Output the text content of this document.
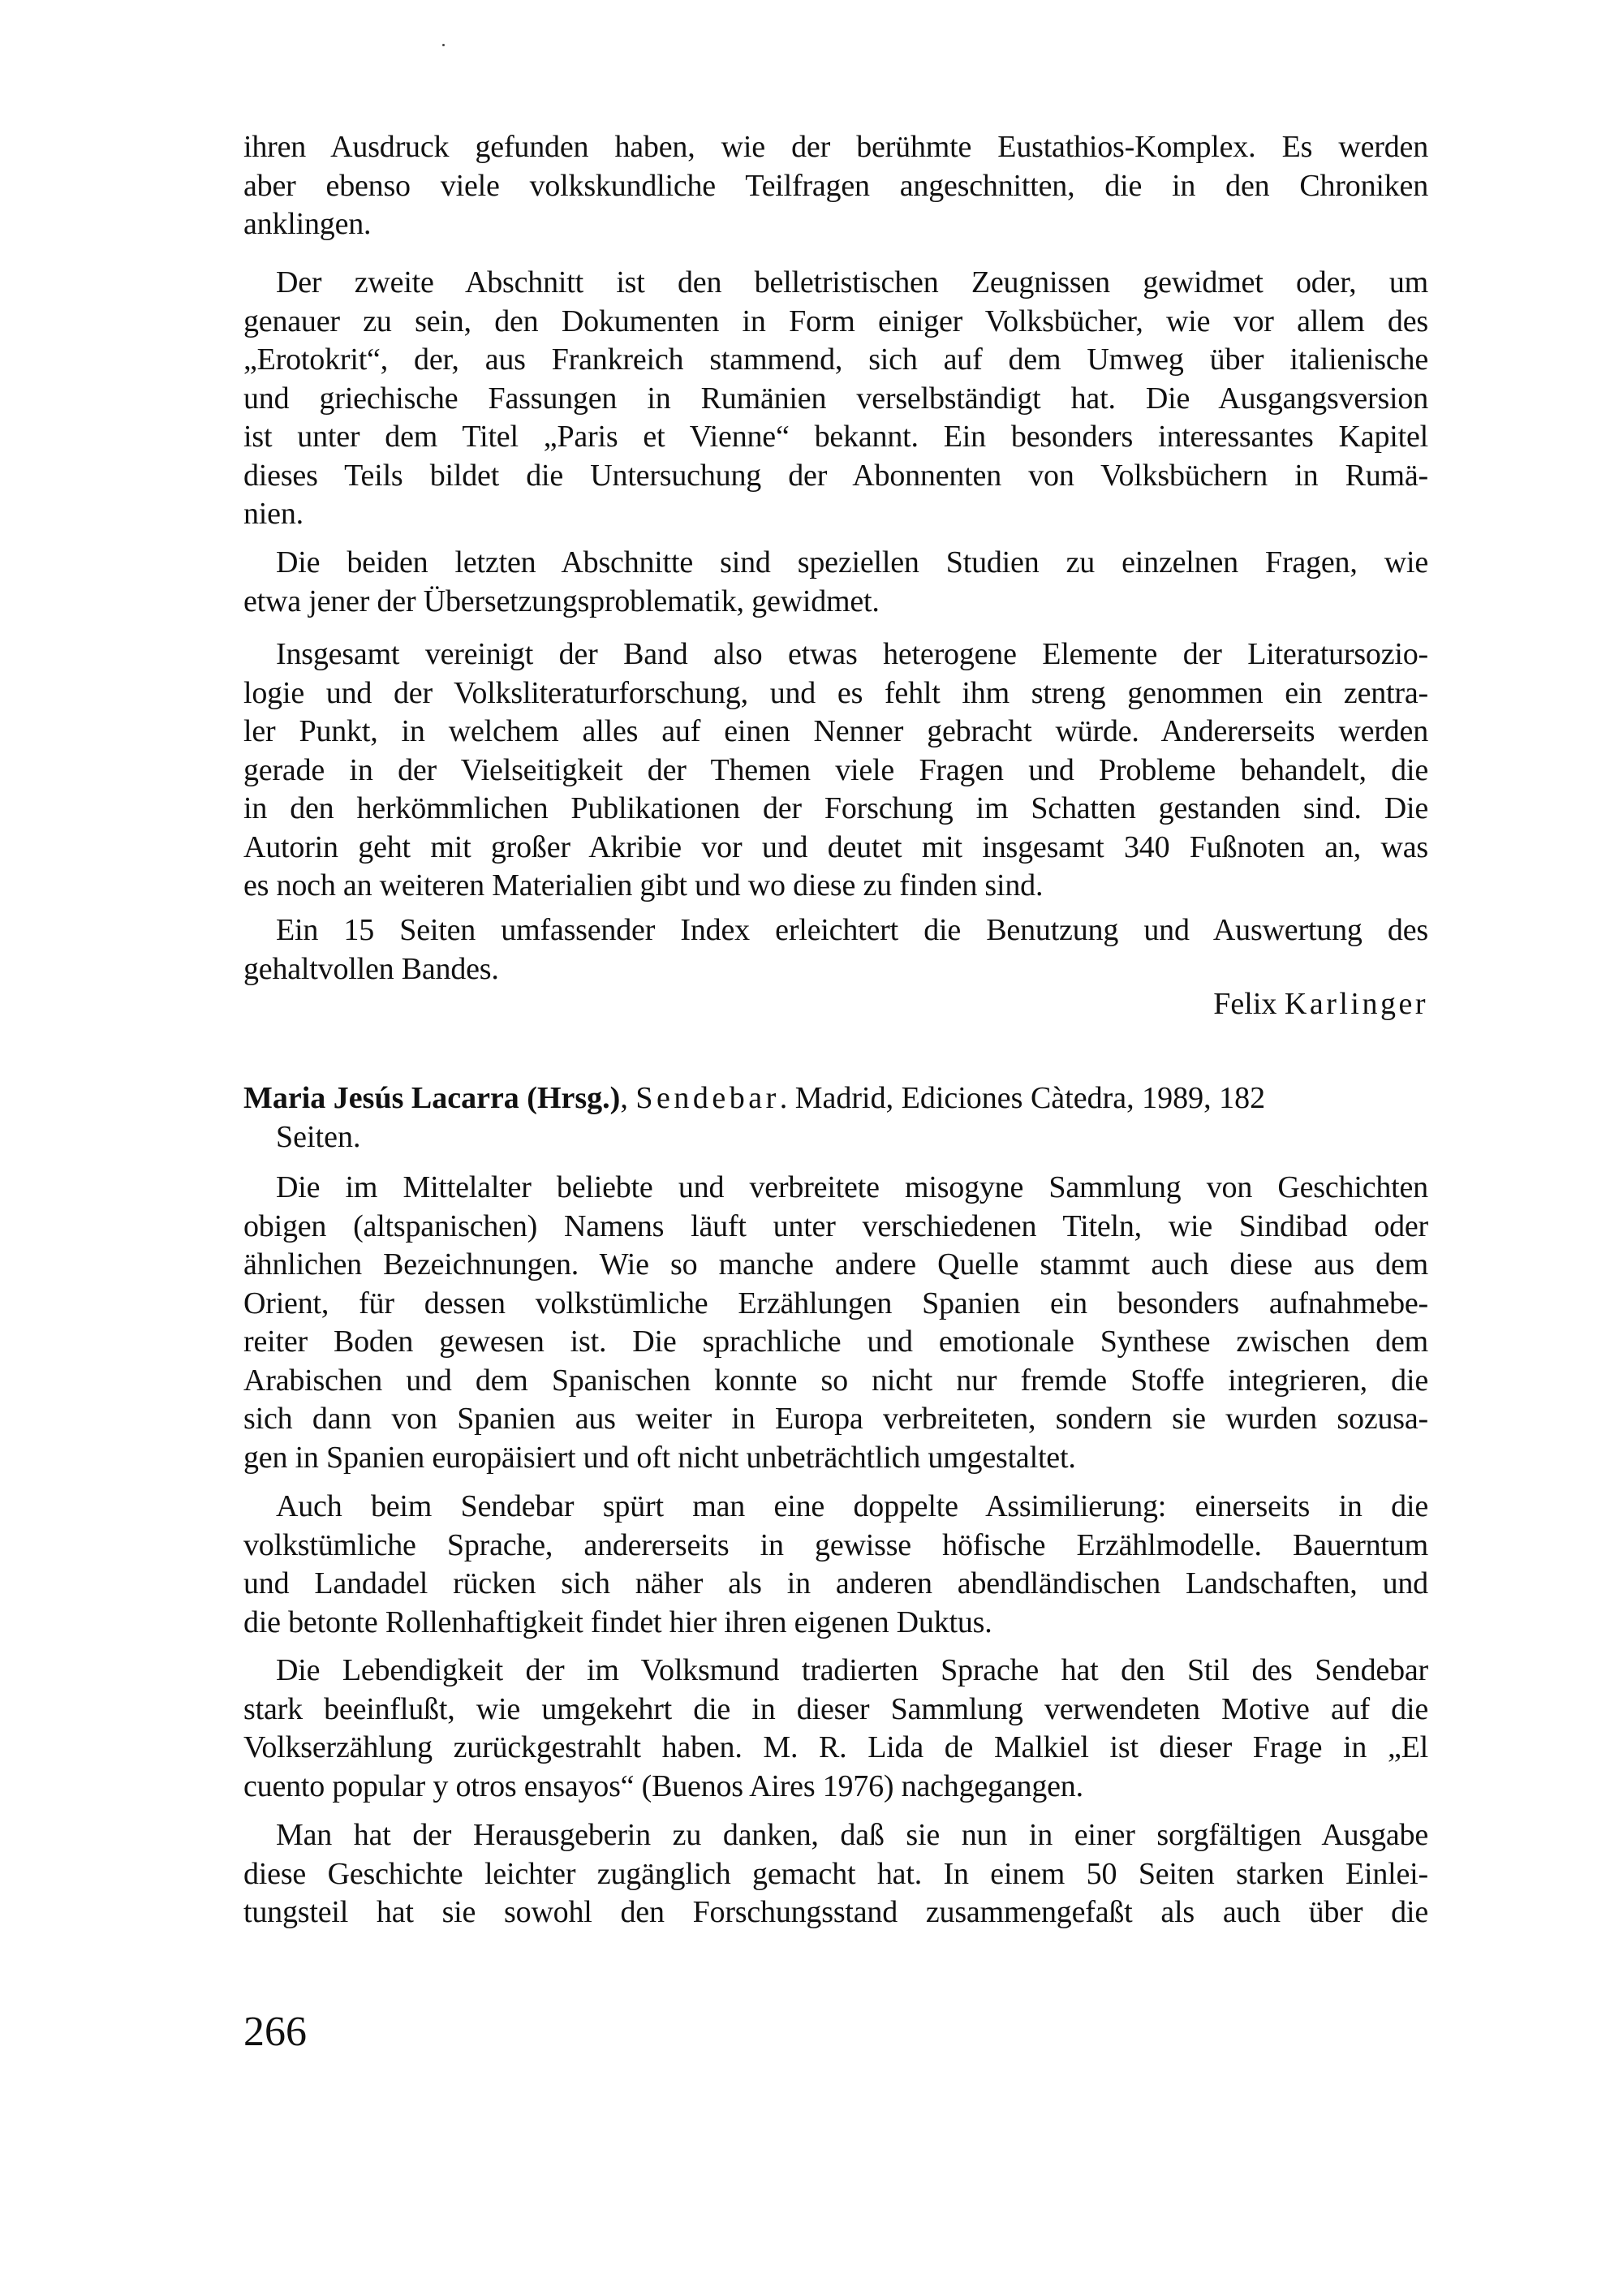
ihren Ausdruck gefunden haben, wie der berühmte Eustathios-Komplex. Es werden
aber ebenso viele volkskundliche Teilfragen angeschnitten, die in den Chroniken
anklingen.
Der zweite Abschnitt ist den belletristischen Zeugnissen gewidmet oder, um
genauer zu sein, den Dokumenten in Form einiger Volksbücher, wie vor allem des
„Erotokrit“, der, aus Frankreich stammend, sich auf dem Umweg über italienische
und griechische Fassungen in Rumänien verselbständigt hat. Die Ausgangsversion
ist unter dem Titel „Paris et Vienne“ bekannt. Ein besonders interessantes Kapitel
dieses Teils bildet die Untersuchung der Abonnenten von Volksbüchern in Rumä-
nien.
Die beiden letzten Abschnitte sind speziellen Studien zu einzelnen Fragen, wie
etwa jener der Übersetzungsproblematik, gewidmet.
Insgesamt vereinigt der Band also etwas heterogene Elemente der Literatursozio-
logie und der Volksliteraturforschung, und es fehlt ihm streng genommen ein zentra-
ler Punkt, in welchem alles auf einen Nenner gebracht würde. Andererseits werden
gerade in der Vielseitigkeit der Themen viele Fragen und Probleme behandelt, die
in den herkömmlichen Publikationen der Forschung im Schatten gestanden sind. Die
Autorin geht mit großer Akribie vor und deutet mit insgesamt 340 Fußnoten an, was
es noch an weiteren Materialien gibt und wo diese zu finden sind.
Ein 15 Seiten umfassender Index erleichtert die Benutzung und Auswertung des
gehaltvollen Bandes.
Felix Karlinger
Maria Jesús Lacarra (Hrsg.), Sendebar. Madrid, Ediciones Càtedra, 1989, 182
Seiten.
Die im Mittelalter beliebte und verbreitete misogyne Sammlung von Geschichten
obigen (altspanischen) Namens läuft unter verschiedenen Titeln, wie Sindibad oder
ähnlichen Bezeichnungen. Wie so manche andere Quelle stammt auch diese aus dem
Orient, für dessen volkstümliche Erzählungen Spanien ein besonders aufnahmebe-
reiter Boden gewesen ist. Die sprachliche und emotionale Synthese zwischen dem
Arabischen und dem Spanischen konnte so nicht nur fremde Stoffe integrieren, die
sich dann von Spanien aus weiter in Europa verbreiteten, sondern sie wurden sozusa-
gen in Spanien europäisiert und oft nicht unbeträchtlich umgestaltet.
Auch beim Sendebar spürt man eine doppelte Assimilierung: einerseits in die
volkstümliche Sprache, andererseits in gewisse höfische Erzählmodelle. Bauerntum
und Landadel rücken sich näher als in anderen abendländischen Landschaften, und
die betonte Rollenhaftigkeit findet hier ihren eigenen Duktus.
Die Lebendigkeit der im Volksmund tradierten Sprache hat den Stil des Sendebar
stark beeinflußt, wie umgekehrt die in dieser Sammlung verwendeten Motive auf die
Volkserzählung zurückgestrahlt haben. M. R. Lida de Malkiel ist dieser Frage in „El
cuento popular y otros ensayos“ (Buenos Aires 1976) nachgegangen.
Man hat der Herausgeberin zu danken, daß sie nun in einer sorgfältigen Ausgabe
diese Geschichte leichter zugänglich gemacht hat. In einem 50 Seiten starken Einlei-
tungsteil hat sie sowohl den Forschungsstand zusammengefaßt als auch über die
266
